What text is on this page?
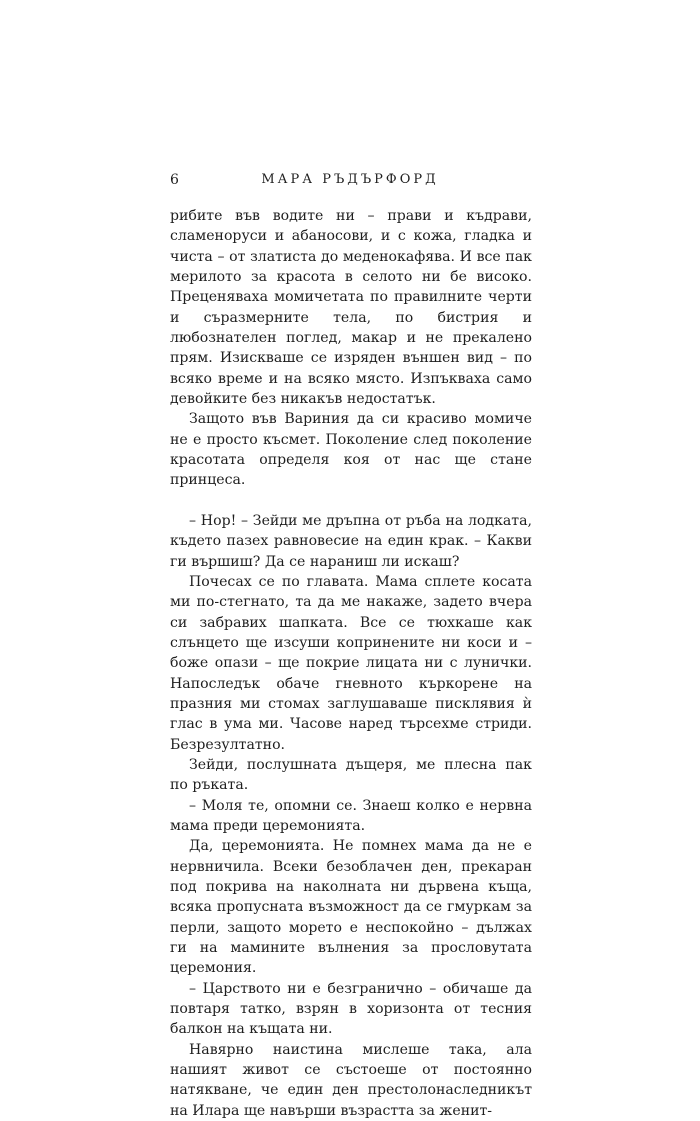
6	МАРА РЪДЪРФОРД

рибите във водите ни – прави и къдрави, сламенoруси и абаносови, и с кожа, гладка и чиста – от златиста до меденокафява. И все пак мерилото за красота в селото ни бе високо. Преценяваха момичетата по правилните черти и съразмерните тела, по бистрия и любознателен поглед, макар и не прекалено прям. Изискваше се изряден външен вид – по всяко време и на всяко място. Изпъкваха само девойките без никакъв недостатък.

Защото във Вариния да си красиво момиче не е просто късмет. Поколение след поколение красотата определя коя от нас ще стане принцеса.

– Нор! – Зейди ме дръпна от ръба на лодката, където пазех равновесие на един крак. – Какви ги вършиш? Да се нараниш ли искаш?

Почесах се по главата. Мама сплете косата ми по-стегнато, та да ме накаже, задето вчера си забравих шапката. Все се тюхкаше как слънцето ще изсуши копринените ни коси и – боже опази – ще покрие лицата ни с лунички. Напоследък обаче гневното къркорене на празния ми стомах заглушаваше писклявия ѝ глас в ума ми. Часове наред търсехме стриди. Безрезултатно.

Зейди, послушната дъщеря, ме плесна пак по ръката.

– Моля те, опомни се. Знаеш колко е нервна мама преди церемонията.

Да, церемонията. Не помнех мама да не е нервничила. Всеки безоблачен ден, прекаран под покрива на наколната ни дървена къща, всяка пропусната възможност да се гмуркам за перли, защото морето е неспокойно – дължах ги на мамините вълнения за прословутата церемония.

– Царството ни е безгранично – обичаше да повтаря татко, взрян в хоризонта от тесния балкон на къщата ни.

Навярно наистина мислеше така, ала нашият живот се състоеше от постоянно натякване, че един ден престолонаследникът на Илара ще навърши възрастта за женит-
